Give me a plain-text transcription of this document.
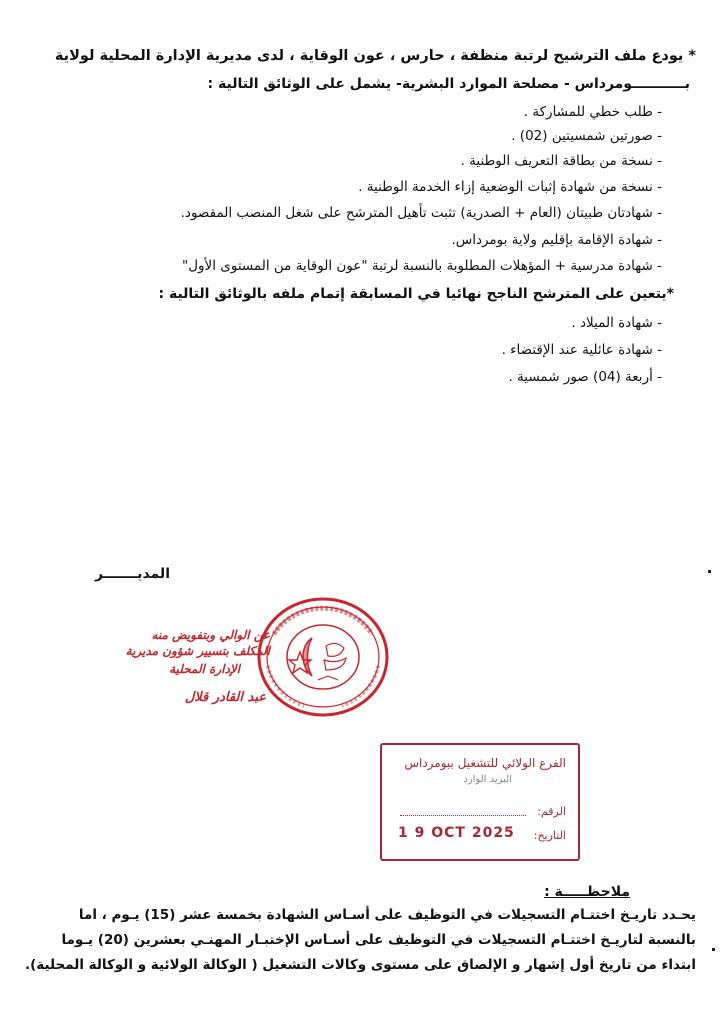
* يودع ملف الترشيح لرتبة منظفة ، حارس ، عون الوقاية ، لدى مديرية الإدارة المحلية لولاية
بـــــــــــومرداس - مصلحة الموارد البشرية- يشمل على الوثائق التالية :
- طلب خطي للمشاركة .
- صورتين شمسيتين (02) .
- نسخة من بطاقة التعريف الوطنية .
- نسخة من شهادة إثبات الوضعية إزاء الخدمة الوطنية .
- شهادتان طبيتان (العام + الصدرية) تثبت تأهيل المترشح على شغل المنصب المقصود.
- شهادة الإقامة بإقليم ولاية بومرداس.
- شهادة مدرسية + المؤهلات المطلوبة بالنسبة لرتبة "عون الوقاية من المستوى الأول"
*يتعين على المترشح الناجح نهائيا في المسابقة إتمام ملفه بالوثائق التالية :
- شهادة الميلاد .
- شهادة عائلية عند الإقتضاء .
- أربعة (04) صور شمسية .
المديـــــــر
عن الوالي وبتفويض منه
المكلف بتسيير شؤون مديرية
الإدارة المحلية
عبد القادر قلال
الفرع الولائي للتشغيل ببومرداس
البريد الوارد
الرقم:
التاريخ:
1 9 OCT 2025
ملاحظـــــة :
يحـدد تاريـخ اختتـام التسجيلات في التوظيف على أسـاس الشهادة بخمسة عشر (15) يـوم ، اما
بالنسبة لتاريـخ اختتـام التسجيلات في التوظيف على أسـاس الإختبـار المهنـي بعشرين (20) يـوما
ابتداء من تاريخ أول إشهار و الإلصاق على مستوى وكالات التشغيل ( الوكالة الولائية و الوكالة المحلية).
